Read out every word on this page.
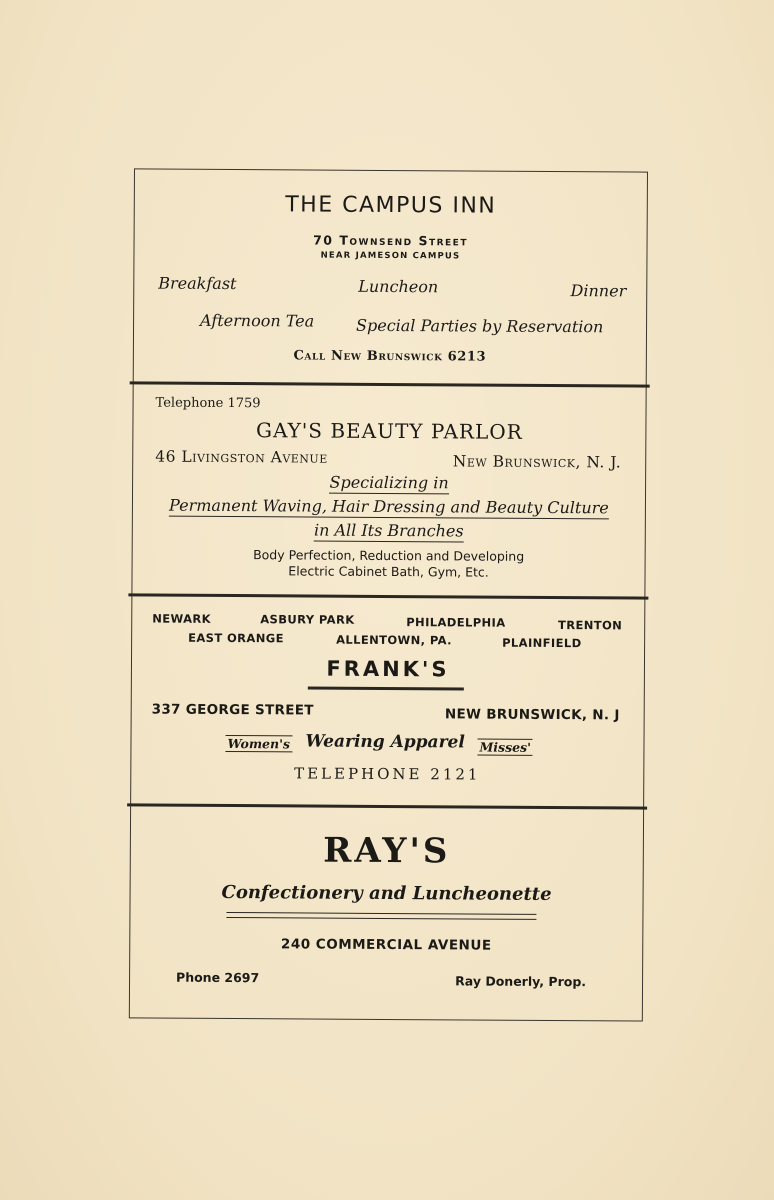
THE CAMPUS INN
70 Townsend Street
NEAR JAMESON CAMPUS
Breakfast	Luncheon	Dinner
Afternoon Tea	Special Parties by Reservation
Call New Brunswick 6213
Telephone 1759
GAY'S BEAUTY PARLOR
46 Livingston Avenue	New Brunswick, N. J.
Specializing in
Permanent Waving, Hair Dressing and Beauty Culture
in All Its Branches
Body Perfection, Reduction and Developing
Electric Cabinet Bath, Gym, Etc.
NEWARK	ASBURY PARK	PHILADELPHIA	TRENTON
EAST ORANGE	ALLENTOWN, PA.	PLAINFIELD
FRANK'S
337 GEORGE STREET	NEW BRUNSWICK, N. J
Women's Wearing Apparel Misses'
TELEPHONE 2121
RAY'S
Confectionery and Luncheonette
240 COMMERCIAL AVENUE
Phone 2697	Ray Donerly, Prop.
